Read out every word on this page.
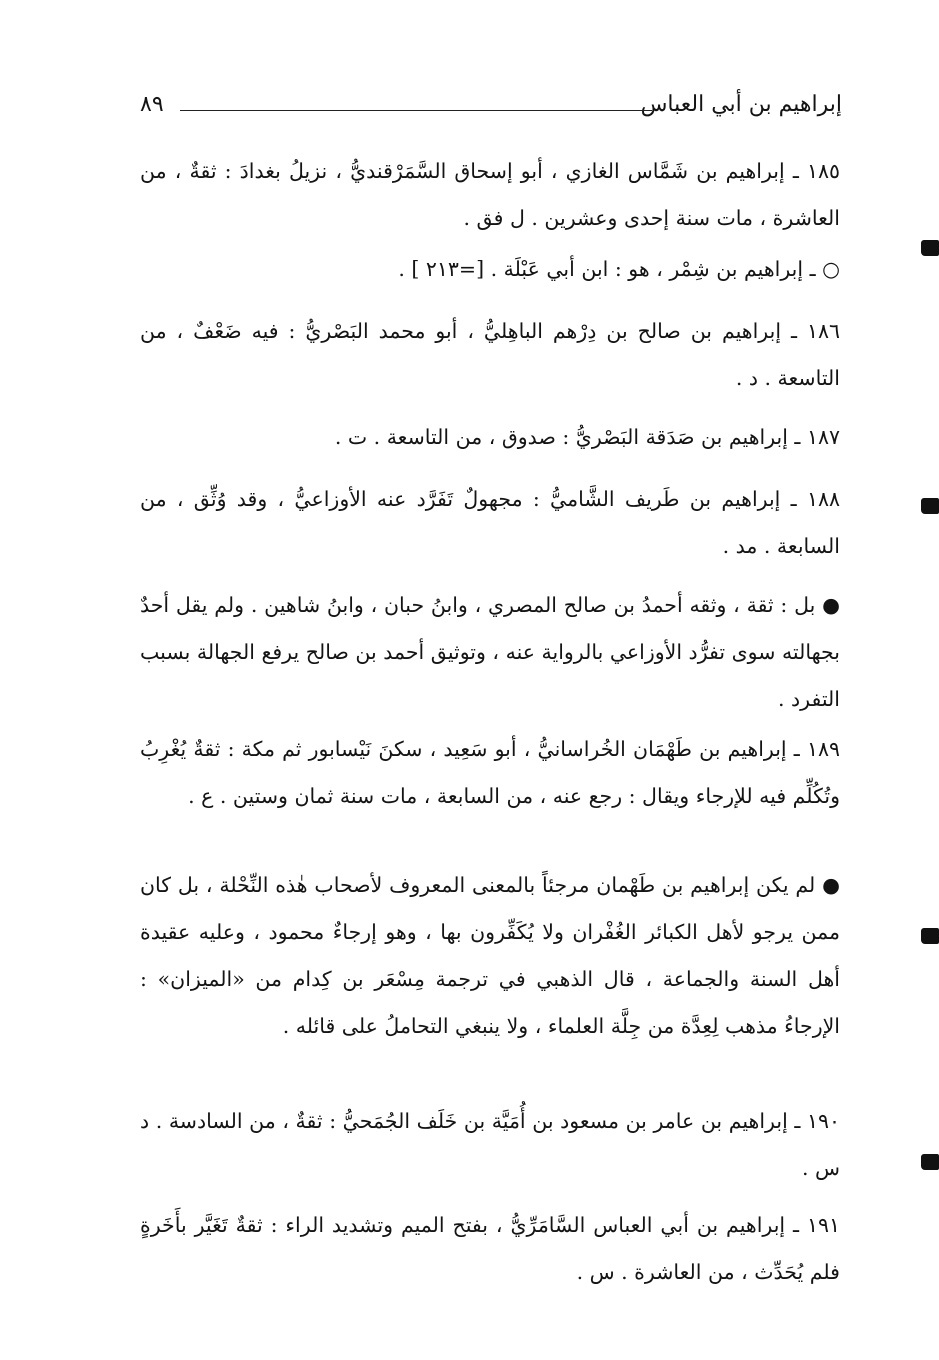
إبراهيم بن أبي العباس
٨٩

١٨٥ ـ إبراهيم بن شَمَّاس الغازي ، أبو إسحاق السَّمَرْقنديُّ ، نزيلُ بغدادَ : ثقةٌ ، من العاشرة ، مات سنة إحدى وعشرين . ل فق .

○ ـ إبراهيم بن شِمْر ، هو : ابن أبي عَبْلَة . [=٢١٣ ] .

١٨٦ ـ إبراهيم بن صالح بن دِرْهم الباهِليُّ ، أبو محمد البَصْريُّ : فيه ضَعْفٌ ، من التاسعة . د .

١٨٧ ـ إبراهيم بن صَدَقة البَصْريُّ : صدوق ، من التاسعة . ت .

١٨٨ ـ إبراهيم بن طَريف الشَّاميُّ : مجهولٌ تَفَرَّد عنه الأوزاعيُّ ، وقد وُثِّق ، من السابعة . مد .

● بل : ثقة ، وثقه أحمدُ بن صالح المصري ، وابنُ حبان ، وابنُ شاهين . ولم يقل أحدٌ بجهالته سوى تفرُّد الأوزاعي بالرواية عنه ، وتوثيق أحمد بن صالح يرفع الجهالة بسبب التفرد .

١٨٩ ـ إبراهيم بن طَهْمَان الخُراسانيُّ ، أبو سَعِيد ، سكنَ نَيْسابور ثم مكة : ثقةٌ يُغْرِبُ وتُكُلِّم فيه للإرجاء ويقال : رجع عنه ، من السابعة ، مات سنة ثمان وستين . ع .

● لم يكن إبراهيم بن طَهْمان مرجئاً بالمعنى المعروف لأصحاب هٰذه النِّحْلة ، بل كان ممن يرجو لأهل الكبائر الغُفْران ولا يُكَفِّرون بها ، وهو إرجاءٌ محمود ، وعليه عقيدة أهل السنة والجماعة ، قال الذهبي في ترجمة مِسْعَر بن كِدام من «الميزان» : الإرجاءُ مذهب لِعِدَّة من جِلَّة العلماء ، ولا ينبغي التحاملُ على قائله .

١٩٠ ـ إبراهيم بن عامر بن مسعود بن أُمَيَّة بن خَلَف الجُمَحيُّ : ثقةٌ ، من السادسة . د س .

١٩١ ـ إبراهيم بن أبي العباس السَّامَرِّيُّ ، بفتح الميم وتشديد الراء : ثقةٌ تَغَيَّر بأَخَرةٍ فلم يُحَدِّث ، من العاشرة . س .
